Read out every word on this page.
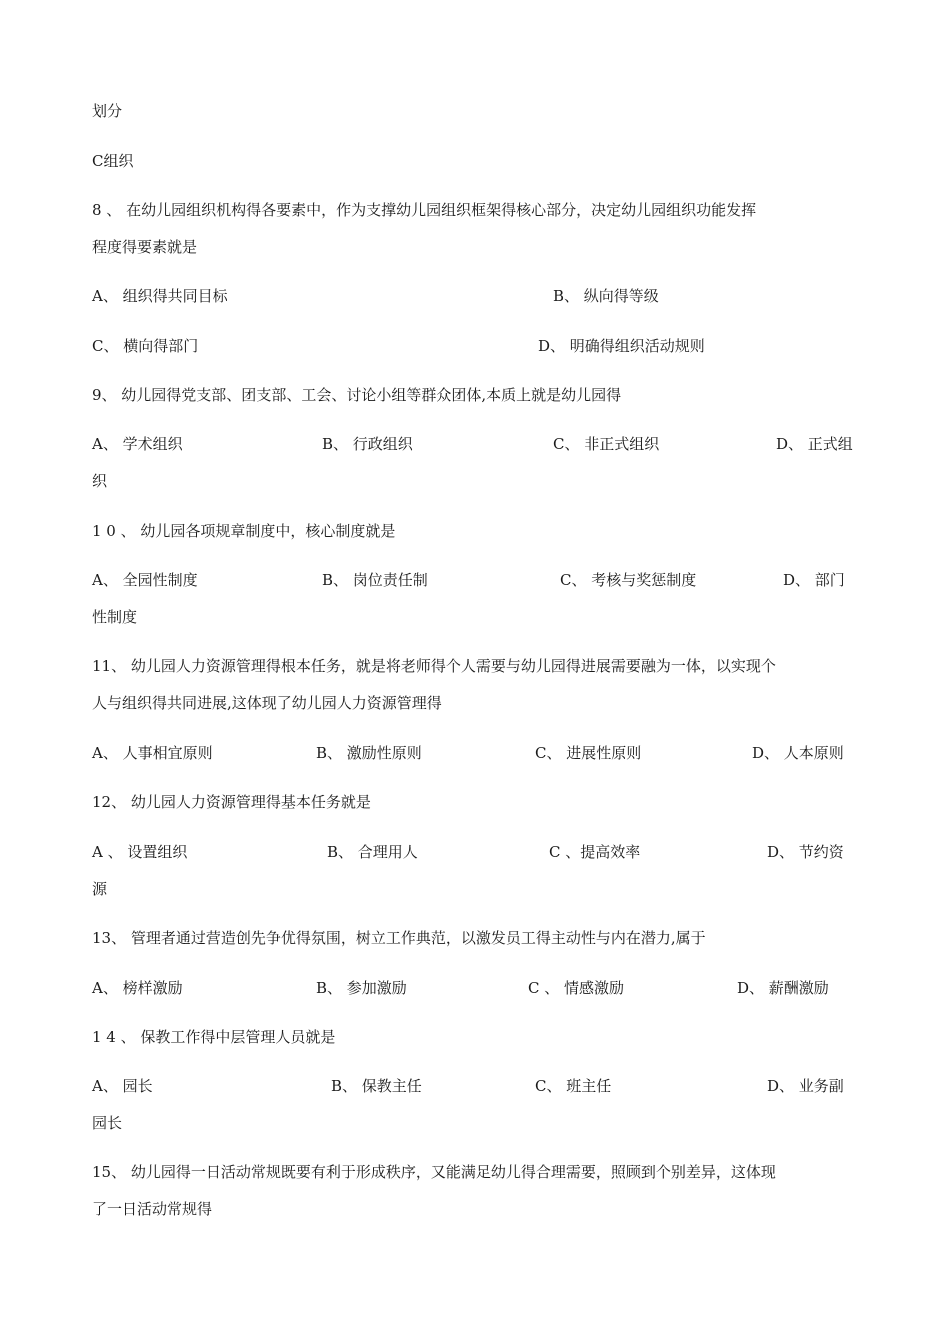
划分
C组织
8 、 在幼儿园组织机构得各要素中，作为支撑幼儿园组织框架得核心部分，决定幼儿园组织功能发挥
程度得要素就是
A、 组织得共同目标	B、 纵向得等级
C、 横向得部门	D、 明确得组织活动规则
9、 幼儿园得党支部、团支部、工会、讨论小组等群众团体,本质上就是幼儿园得
A、 学术组织	B、 行政组织	C、 非正式组织	D、 正式组
织
1 0 、 幼儿园各项规章制度中，核心制度就是
A、 全园性制度	B、 岗位责任制	C、 考核与奖惩制度	D、 部门
性制度
11、 幼儿园人力资源管理得根本任务，就是将老师得个人需要与幼儿园得进展需要融为一体，以实现个
人与组织得共同进展,这体现了幼儿园人力资源管理得
A、 人事相宜原则	B、 激励性原则	C、 进展性原则	D、 人本原则
12、 幼儿园人力资源管理得基本任务就是
A 、 设置组织	B、 合理用人	C 、提高效率	D、 节约资
源
13、 管理者通过营造创先争优得氛围，树立工作典范，以激发员工得主动性与内在潜力,属于
A、 榜样激励	B、 参加激励	C 、 情感激励	D、 薪酬激励
1 4 、 保教工作得中层管理人员就是
A、 园长	B、 保教主任	C、 班主任	D、 业务副
园长
15、 幼儿园得一日活动常规既要有利于形成秩序，又能满足幼儿得合理需要，照顾到个别差异，这体现
了一日活动常规得
